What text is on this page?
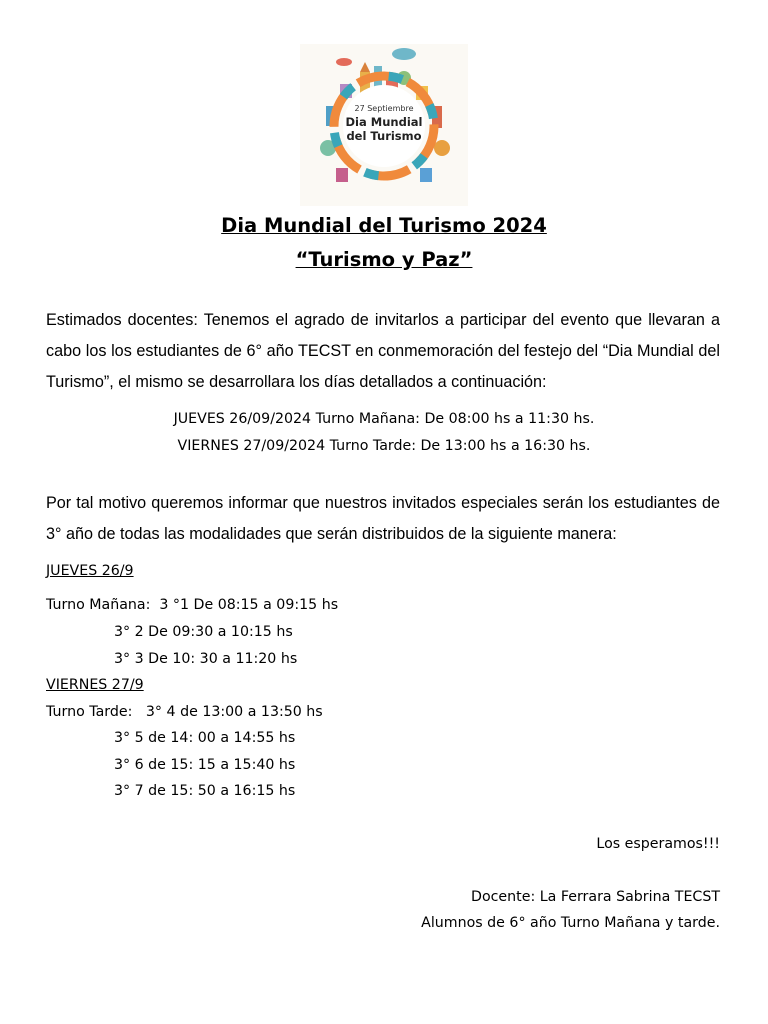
27 Septiembre
Dia Mundial
del Turismo
Dia Mundial del Turismo 2024
“Turismo y Paz”
Estimados docentes: Tenemos el agrado de invitarlos a participar del evento que llevaran a cabo los los estudiantes de 6° año TECST en conmemoración del festejo del “Dia Mundial del Turismo”, el mismo se desarrollara los días detallados a continuación:
JUEVES 26/09/2024 Turno Mañana: De 08:00 hs a 11:30 hs.
VIERNES 27/09/2024 Turno Tarde: De 13:00 hs a 16:30 hs.
Por tal motivo queremos informar que nuestros invitados especiales serán los estudiantes de 3° año de todas las modalidades que serán distribuidos de la siguiente manera:
JUEVES 26/9
Turno Mañana:  3 °1 De 08:15 a 09:15 hs
3° 2 De 09:30 a 10:15 hs
3° 3 De 10: 30 a 11:20 hs
VIERNES 27/9
Turno Tarde:   3° 4 de 13:00 a 13:50 hs
3° 5 de 14: 00 a 14:55 hs
3° 6 de 15: 15 a 15:40 hs
3° 7 de 15: 50 a 16:15 hs
Los esperamos!!!
Docente: La Ferrara Sabrina TECST
Alumnos de 6° año Turno Mañana y tarde.
